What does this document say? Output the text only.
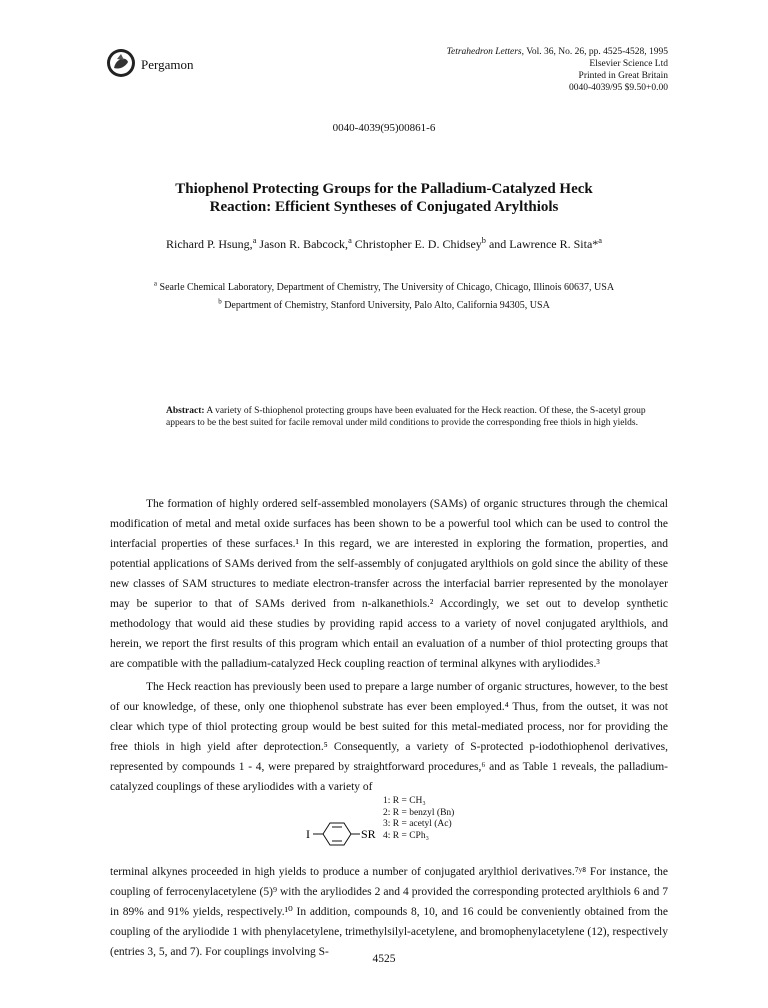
Pergamon
Tetrahedron Letters, Vol. 36, No. 26, pp. 4525-4528, 1995
Elsevier Science Ltd
Printed in Great Britain
0040-4039/95 $9.50+0.00
0040-4039(95)00861-6
Thiophenol Protecting Groups for the Palladium-Catalyzed Heck
Reaction: Efficient Syntheses of Conjugated Arylthiols
Richard P. Hsung,$^a$ Jason R. Babcock,$^a$ Christopher E. D. Chidsey$^b$ and Lawrence R. Sita*$^a$
$^a$ Searle Chemical Laboratory, Department of Chemistry, The University of Chicago, Chicago, Illinois 60637, USA
$^b$ Department of Chemistry, Stanford University, Palo Alto, California 94305, USA
Abstract: A variety of S-thiophenol protecting groups have been evaluated for the Heck reaction. Of these, the S-acetyl group appears to be the best suited for facile removal under mild conditions to provide the corresponding free thiols in high yields.
The formation of highly ordered self-assembled monolayers (SAMs) of organic structures through the chemical modification of metal and metal oxide surfaces has been shown to be a powerful tool which can be used to control the interfacial properties of these surfaces.¹ In this regard, we are interested in exploring the formation, properties, and potential applications of SAMs derived from the self-assembly of conjugated arylthiols on gold since the ability of these new classes of SAM structures to mediate electron-transfer across the interfacial barrier represented by the monolayer may be superior to that of SAMs derived from n-alkanethiols.² Accordingly, we set out to develop synthetic methodology that would aid these studies by providing rapid access to a variety of novel conjugated arylthiols, and herein, we report the first results of this program which entail an evaluation of a number of thiol protecting groups that are compatible with the palladium-catalyzed Heck coupling reaction of terminal alkynes with aryliodides.³
The Heck reaction has previously been used to prepare a large number of organic structures, however, to the best of our knowledge, of these, only one thiophenol substrate has ever been employed.⁴ Thus, from the outset, it was not clear which type of thiol protecting group would be best suited for this metal-mediated process, nor for providing the free thiols in high yield after deprotection.⁵ Consequently, a variety of S-protected p-iodothiophenol derivatives, represented by compounds 1 - 4, were prepared by straightforward procedures,⁶ and as Table 1 reveals, the palladium-catalyzed couplings of these aryliodides with a variety of
I	SR
1: R = CH₃
2: R = benzyl (Bn)
3: R = acetyl (Ac)
4: R = CPh₃
terminal alkynes proceeded in high yields to produce a number of conjugated arylthiol derivatives.⁷ʸ⁸ For instance, the coupling of ferrocenylacetylene (5)⁹ with the aryliodides 2 and 4 provided the corresponding protected arylthiols 6 and 7 in 89% and 91% yields, respectively.¹⁰ In addition, compounds 8, 10, and 16 could be conveniently obtained from the coupling of the aryliodide 1 with phenylacetylene, trimethylsilyl-acetylene, and bromophenylacetylene (12), respectively (entries 3, 5, and 7). For couplings involving S-
4525
